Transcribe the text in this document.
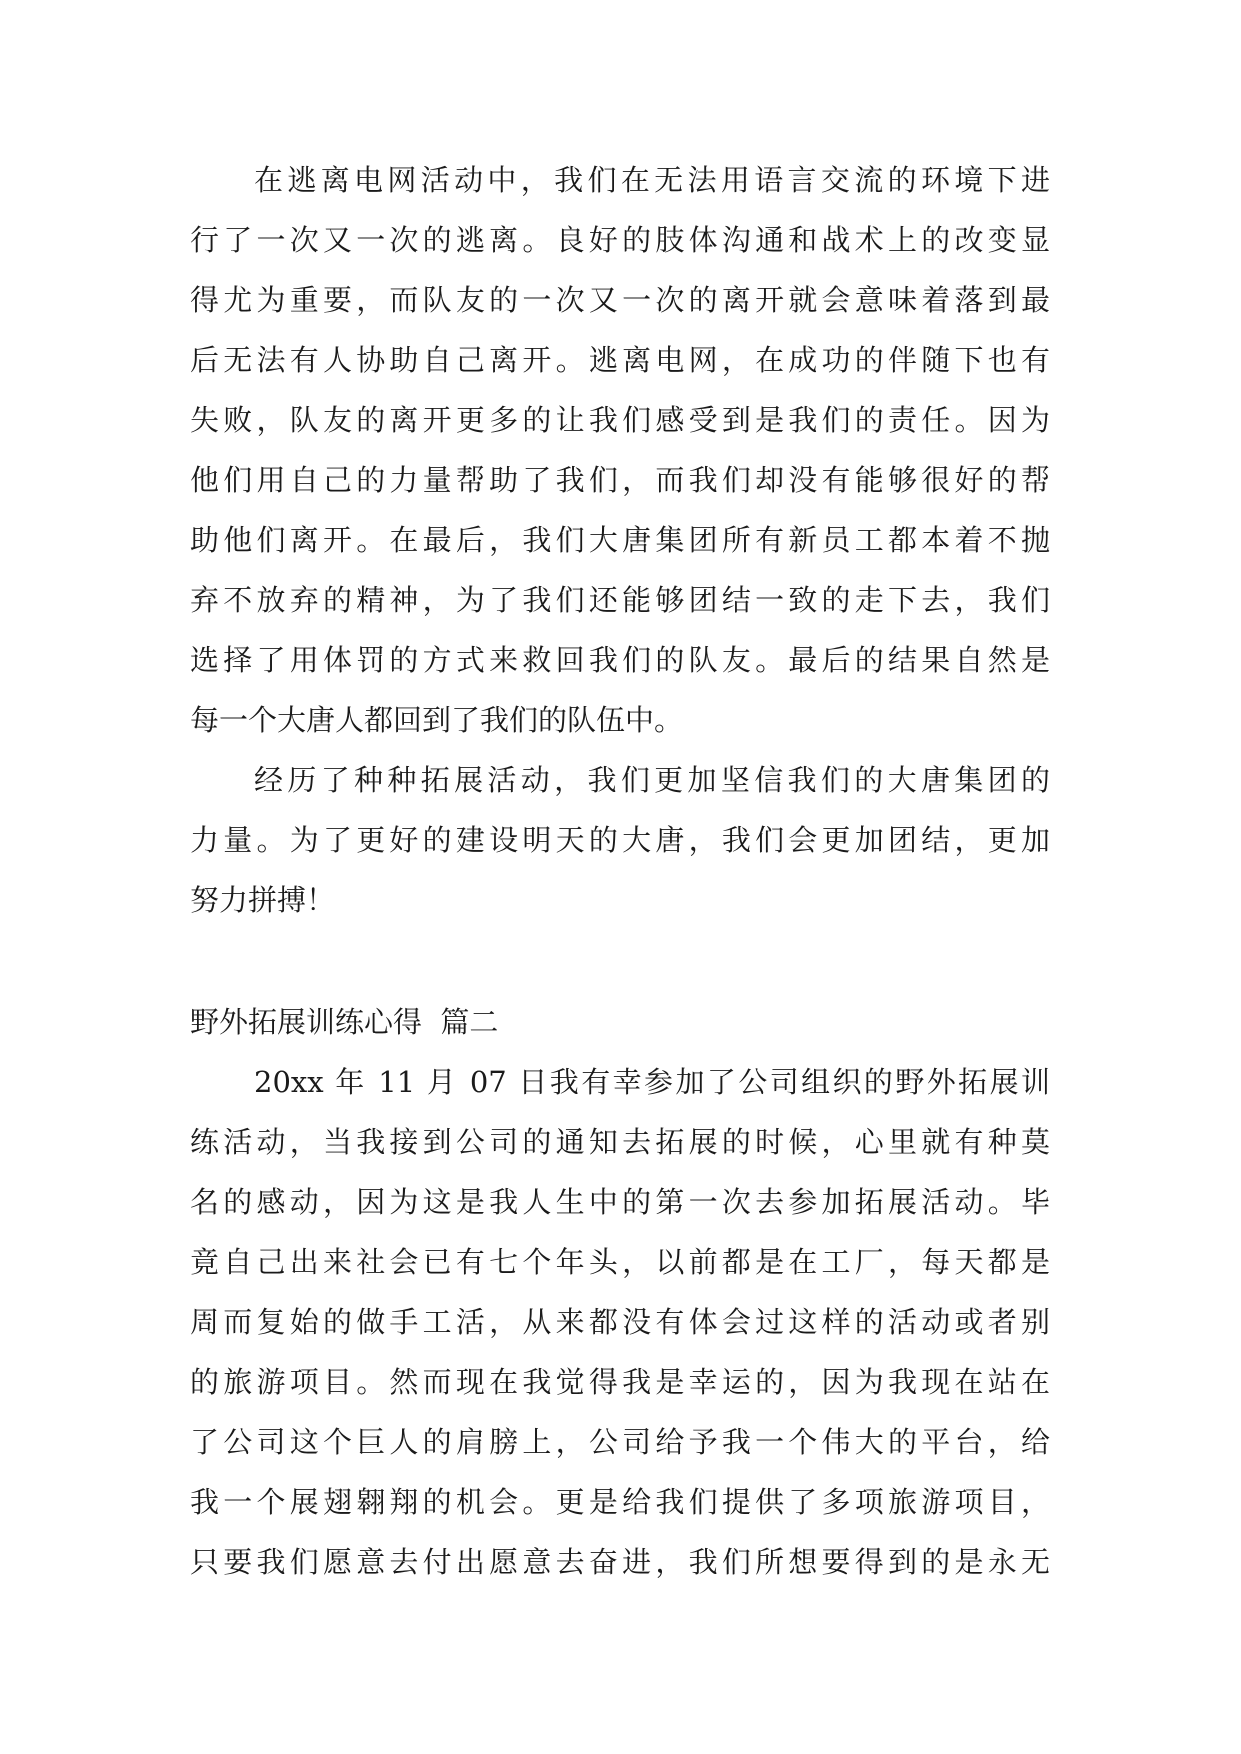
在逃离电网活动中，我们在无法用语言交流的环境下进
行了一次又一次的逃离。良好的肢体沟通和战术上的改变显
得尤为重要，而队友的一次又一次的离开就会意味着落到最
后无法有人协助自己离开。逃离电网，在成功的伴随下也有
失败，队友的离开更多的让我们感受到是我们的责任。因为
他们用自己的力量帮助了我们，而我们却没有能够很好的帮
助他们离开。在最后，我们大唐集团所有新员工都本着不抛
弃不放弃的精神，为了我们还能够团结一致的走下去，我们
选择了用体罚的方式来救回我们的队友。最后的结果自然是
每一个大唐人都回到了我们的队伍中。
经历了种种拓展活动，我们更加坚信我们的大唐集团的
力量。为了更好的建设明天的大唐，我们会更加团结，更加
努力拼搏！
野外拓展训练心得  篇二
20xx 年 11 月 07 日我有幸参加了公司组织的野外拓展训
练活动，当我接到公司的通知去拓展的时候，心里就有种莫
名的感动，因为这是我人生中的第一次去参加拓展活动。毕
竟自己出来社会已有七个年头，以前都是在工厂，每天都是
周而复始的做手工活，从来都没有体会过这样的活动或者别
的旅游项目。然而现在我觉得我是幸运的，因为我现在站在
了公司这个巨人的肩膀上，公司给予我一个伟大的平台，给
我一个展翅翱翔的机会。更是给我们提供了多项旅游项目，
只要我们愿意去付出愿意去奋进，我们所想要得到的是永无
